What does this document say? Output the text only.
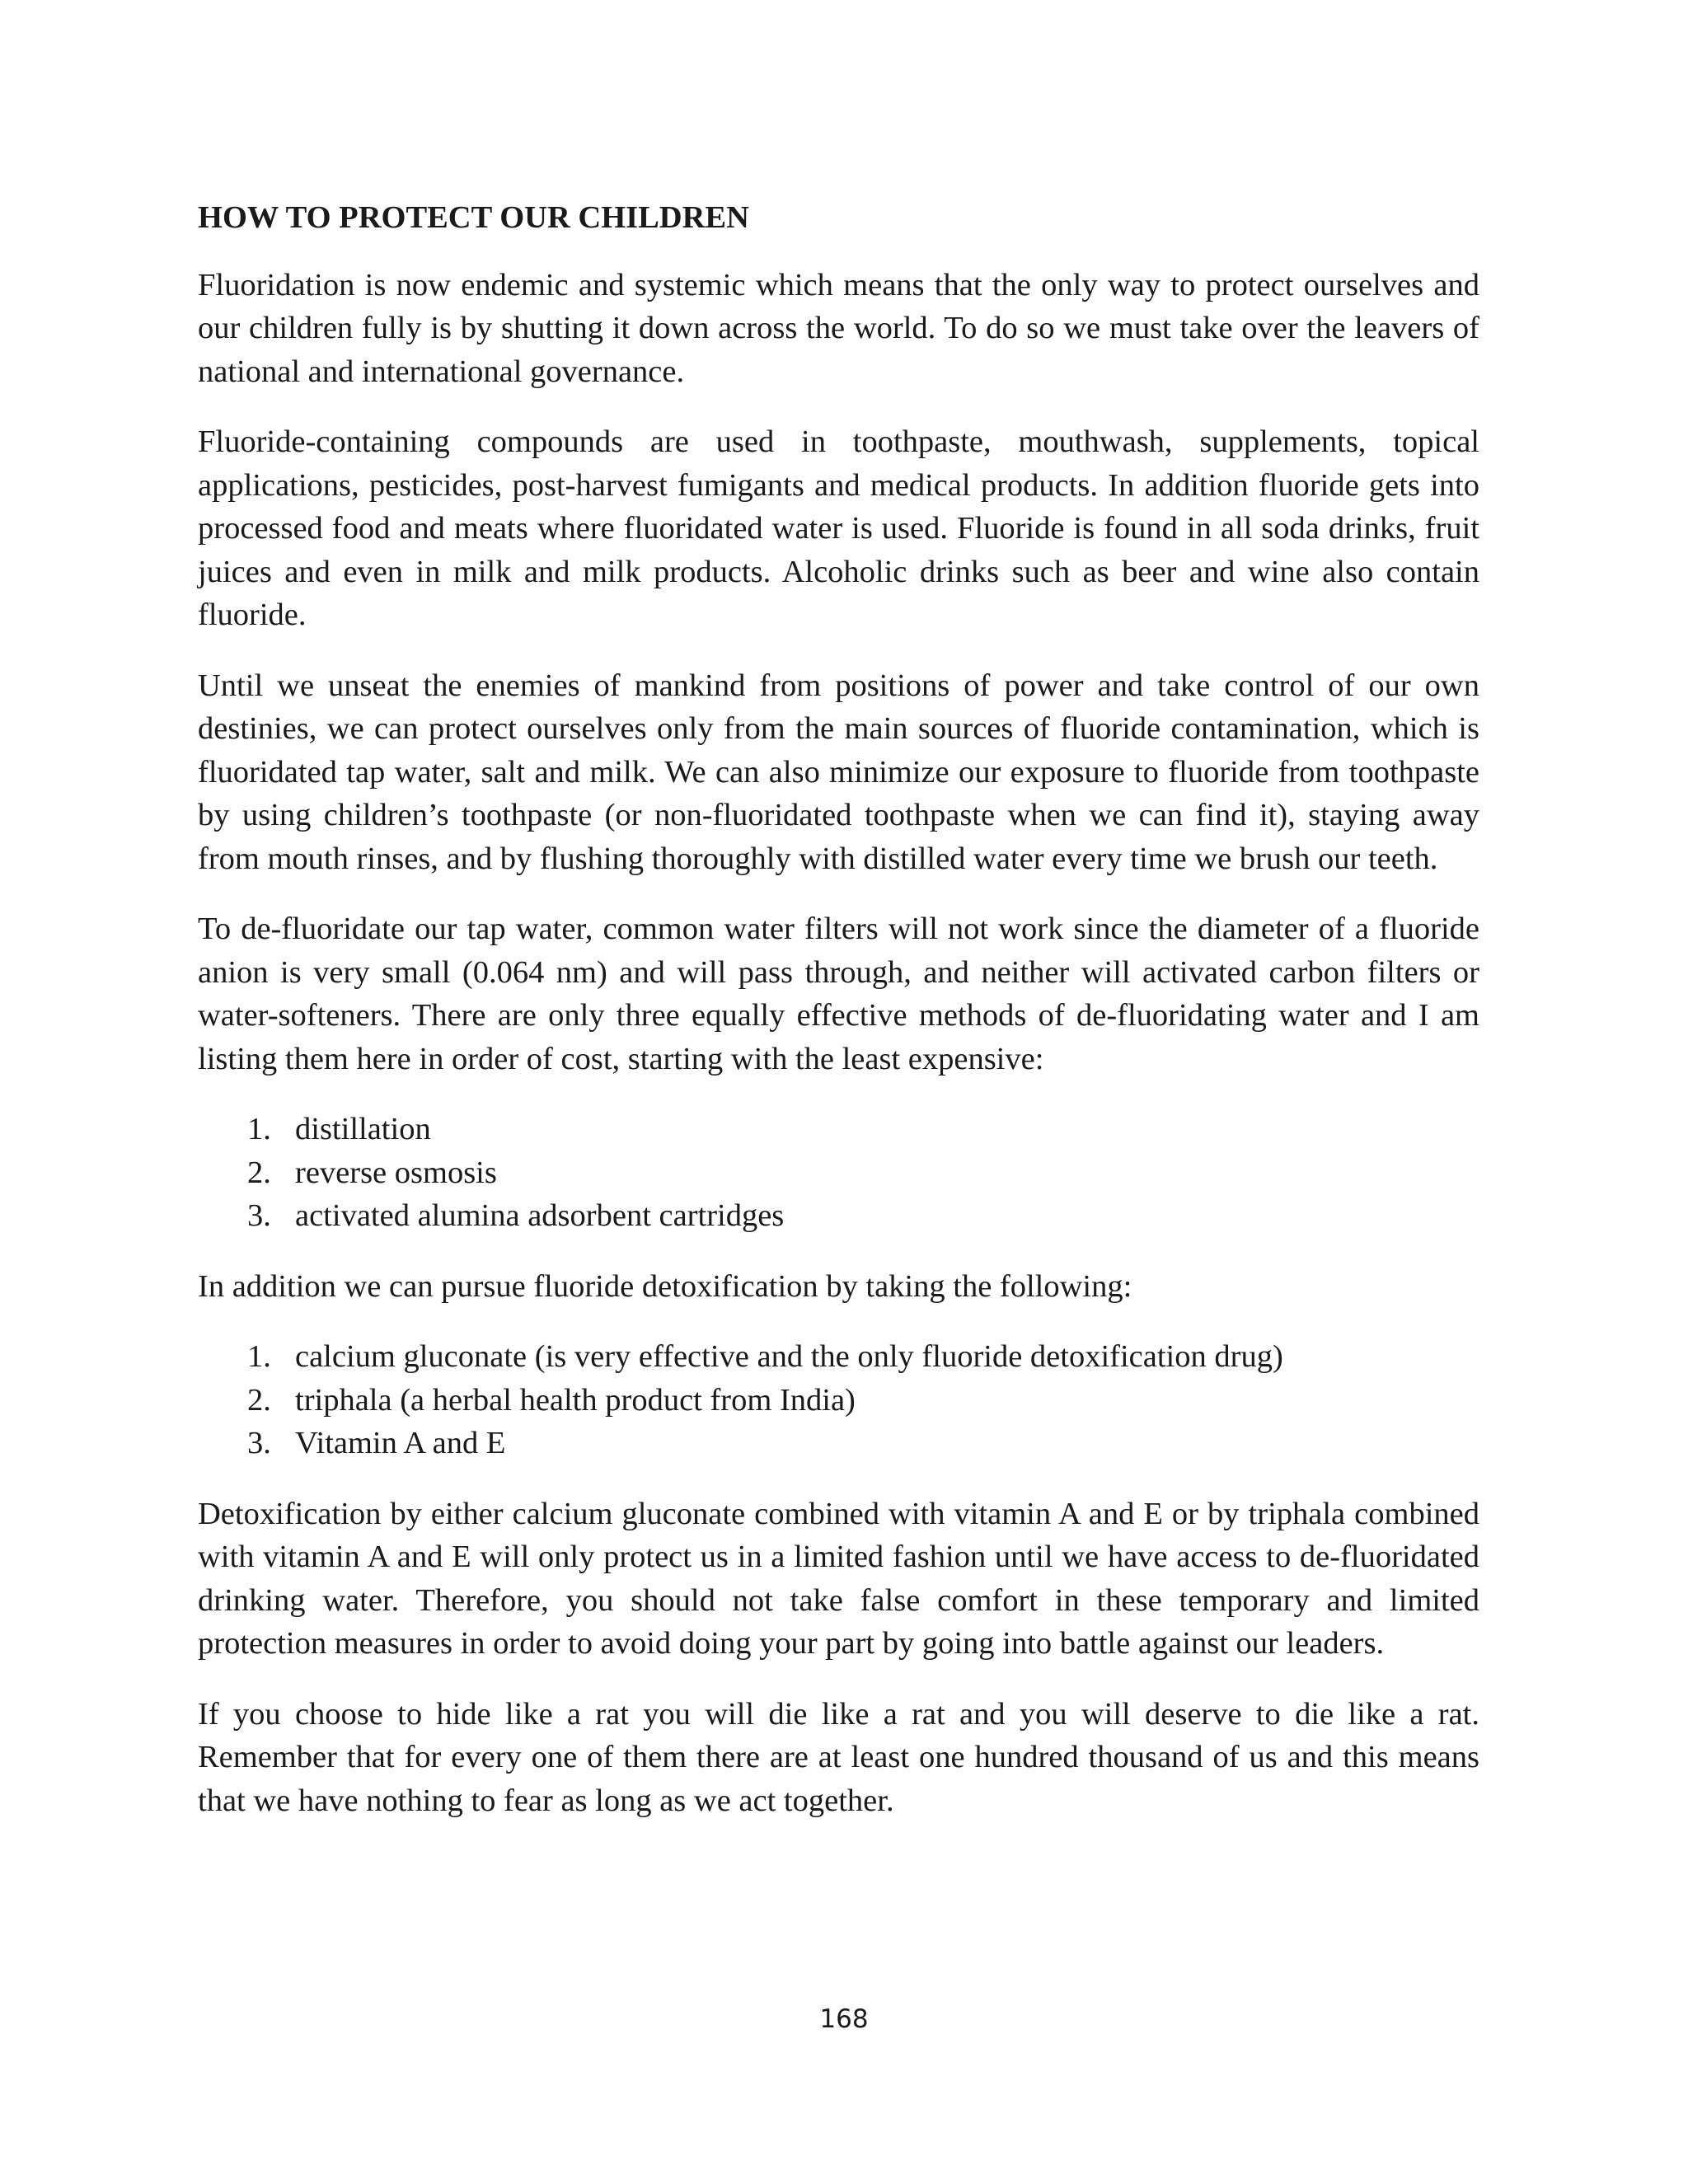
HOW TO PROTECT OUR CHILDREN

Fluoridation is now endemic and systemic which means that the only way to protect ourselves and our children fully is by shutting it down across the world. To do so we must take over the leavers of national and international governance.

Fluoride-containing compounds are used in toothpaste, mouthwash, supplements, topical applications, pesticides, post-harvest fumigants and medical products. In addition fluoride gets into processed food and meats where fluoridated water is used. Fluoride is found in all soda drinks, fruit juices and even in milk and milk products. Alcoholic drinks such as beer and wine also contain fluoride.

Until we unseat the enemies of mankind from positions of power and take control of our own destinies, we can protect ourselves only from the main sources of fluoride contamination, which is fluoridated tap water, salt and milk. We can also minimize our exposure to fluoride from toothpaste by using children’s toothpaste (or non-fluoridated toothpaste when we can find it), staying away from mouth rinses, and by flushing thoroughly with distilled water every time we brush our teeth.

To de-fluoridate our tap water, common water filters will not work since the diameter of a fluoride anion is very small (0.064 nm) and will pass through, and neither will activated carbon filters or water-softeners. There are only three equally effective methods of de-fluoridating water and I am listing them here in order of cost, starting with the least expensive:

1. distillation
2. reverse osmosis
3. activated alumina adsorbent cartridges

In addition we can pursue fluoride detoxification by taking the following:

1. calcium gluconate (is very effective and the only fluoride detoxification drug)
2. triphala (a herbal health product from India)
3. Vitamin A and E

Detoxification by either calcium gluconate combined with vitamin A and E or by triphala combined with vitamin A and E will only protect us in a limited fashion until we have access to de-fluoridated drinking water. Therefore, you should not take false comfort in these temporary and limited protection measures in order to avoid doing your part by going into battle against our leaders.

If you choose to hide like a rat you will die like a rat and you will deserve to die like a rat. Remember that for every one of them there are at least one hundred thousand of us and this means that we have nothing to fear as long as we act together.

168
